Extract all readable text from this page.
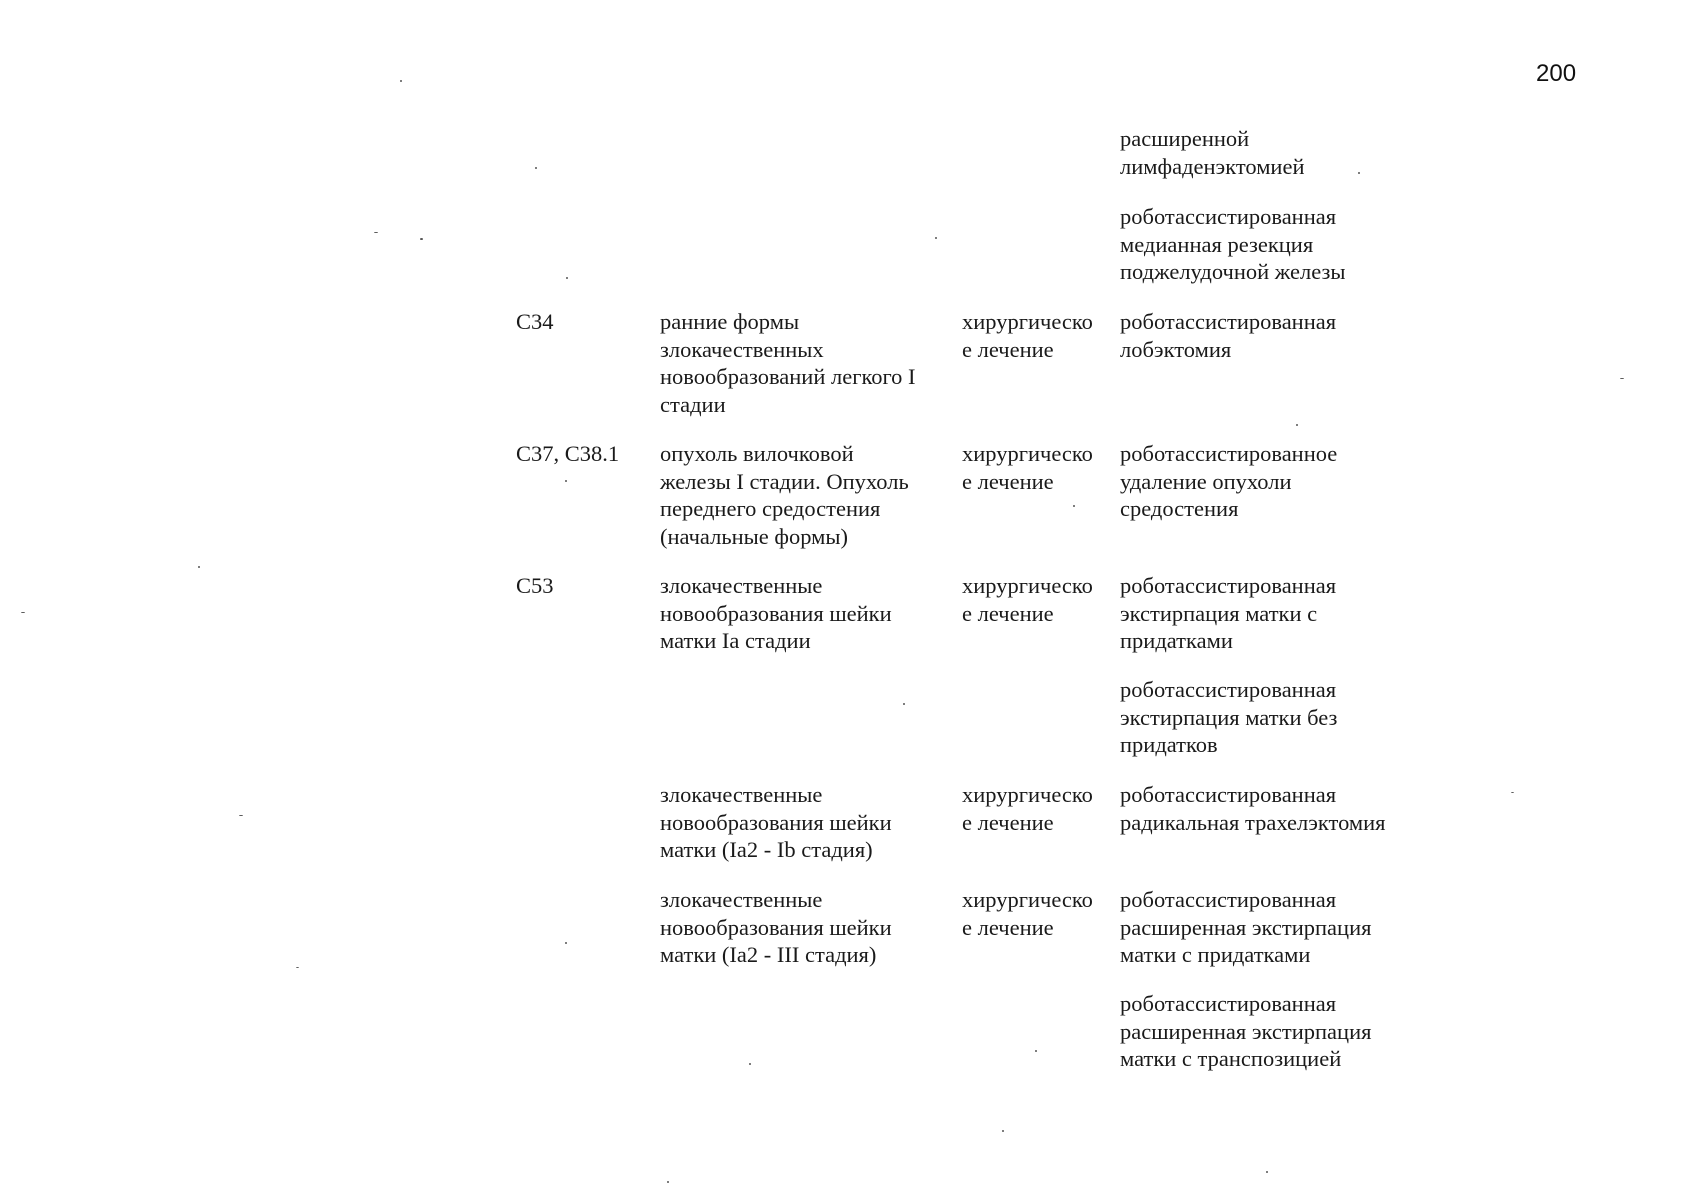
200
расширенной
лимфаденэктомией
роботассистированная
медианная резекция
поджелудочной железы
С34	ранние формы
злокачественных
новообразований легкого I
стадии
хирургическо
е лечение
роботассистированная
лобэктомия
С37, С38.1 опухоль вилочковой
железы I стадии. Опухоль
переднего средостения
(начальные формы)
хирургическо
е лечение
роботассистированное
удаление опухоли
средостения
С53	злокачественные
новообразования шейки
матки Iа стадии
хирургическо
е лечение
роботассистированная
экстирпация матки с
придатками
роботассистированная
экстирпация матки без
придатков
злокачественные
новообразования шейки
матки (Iа2 - Ib стадия)
хирургическо
е лечение
роботассистированная
радикальная трахелэктомия
злокачественные
новообразования шейки
матки (Iа2 - III стадия)
хирургическо
е лечение
роботассистированная
расширенная экстирпация
матки с придатками
роботассистированная
расширенная экстирпация
матки с транспозицией
